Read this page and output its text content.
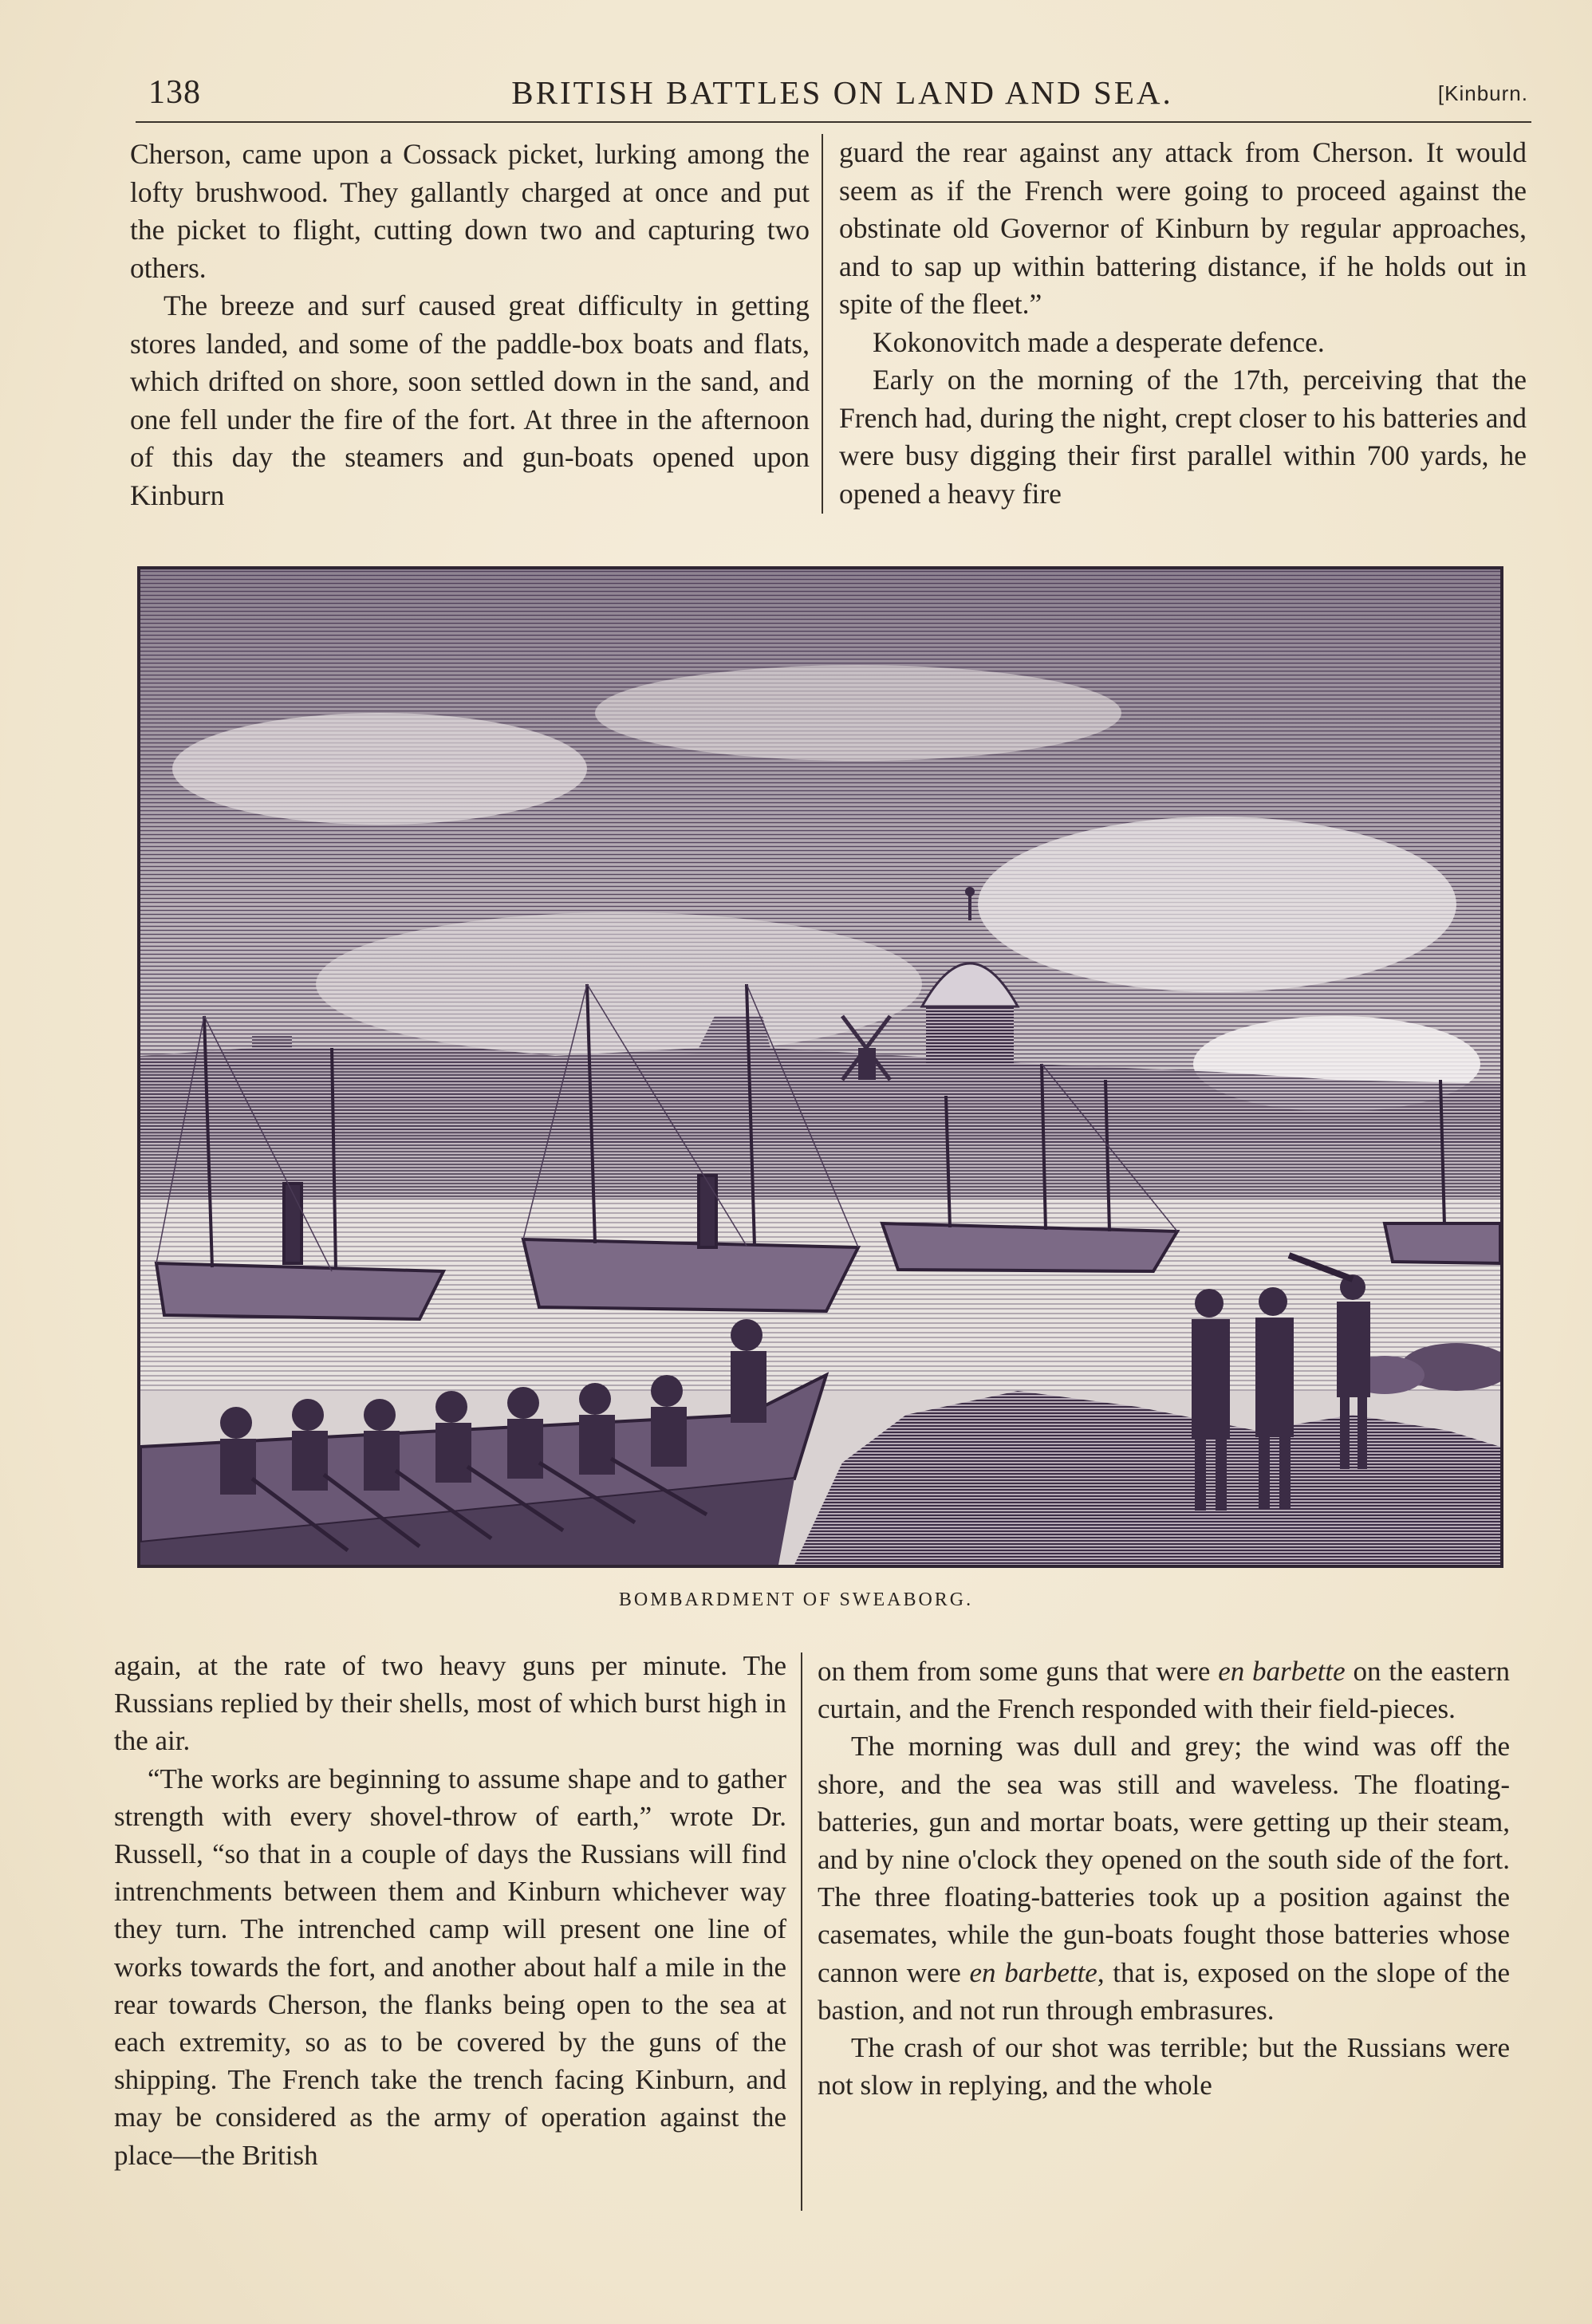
138	BRITISH BATTLES ON LAND AND SEA.	[Kinburn.

Cherson, came upon a Cossack picket, lurking among the lofty brushwood. They gallantly charged at once and put the picket to flight, cutting down two and capturing two others.

The breeze and surf caused great difficulty in getting stores landed, and some of the paddle-box boats and flats, which drifted on shore, soon settled down in the sand, and one fell under the fire of the fort. At three in the afternoon of this day the steamers and gun-boats opened upon Kinburn

guard the rear against any attack from Cherson. It would seem as if the French were going to proceed against the obstinate old Governor of Kinburn by regular approaches, and to sap up within battering distance, if he holds out in spite of the fleet.”

Kokonovitch made a desperate defence.

Early on the morning of the 17th, perceiving that the French had, during the night, crept closer to his batteries and were busy digging their first parallel within 700 yards, he opened a heavy fire

BOMBARDMENT OF SWEABORG.

again, at the rate of two heavy guns per minute. The Russians replied by their shells, most of which burst high in the air.

“The works are beginning to assume shape and to gather strength with every shovel-throw of earth,” wrote Dr. Russell, “so that in a couple of days the Russians will find intrenchments between them and Kinburn whichever way they turn. The intrenched camp will present one line of works towards the fort, and another about half a mile in the rear towards Cherson, the flanks being open to the sea at each extremity, so as to be covered by the guns of the shipping. The French take the trench facing Kinburn, and may be considered as the army of operation against the place—the British

on them from some guns that were en barbette on the eastern curtain, and the French responded with their field-pieces.

The morning was dull and grey; the wind was off the shore, and the sea was still and waveless. The floating-batteries, gun and mortar boats, were getting up their steam, and by nine o'clock they opened on the south side of the fort. The three floating-batteries took up a position against the casemates, while the gun-boats fought those batteries whose cannon were en barbette, that is, exposed on the slope of the bastion, and not run through embrasures.

The crash of our shot was terrible; but the Russians were not slow in replying, and the whole
